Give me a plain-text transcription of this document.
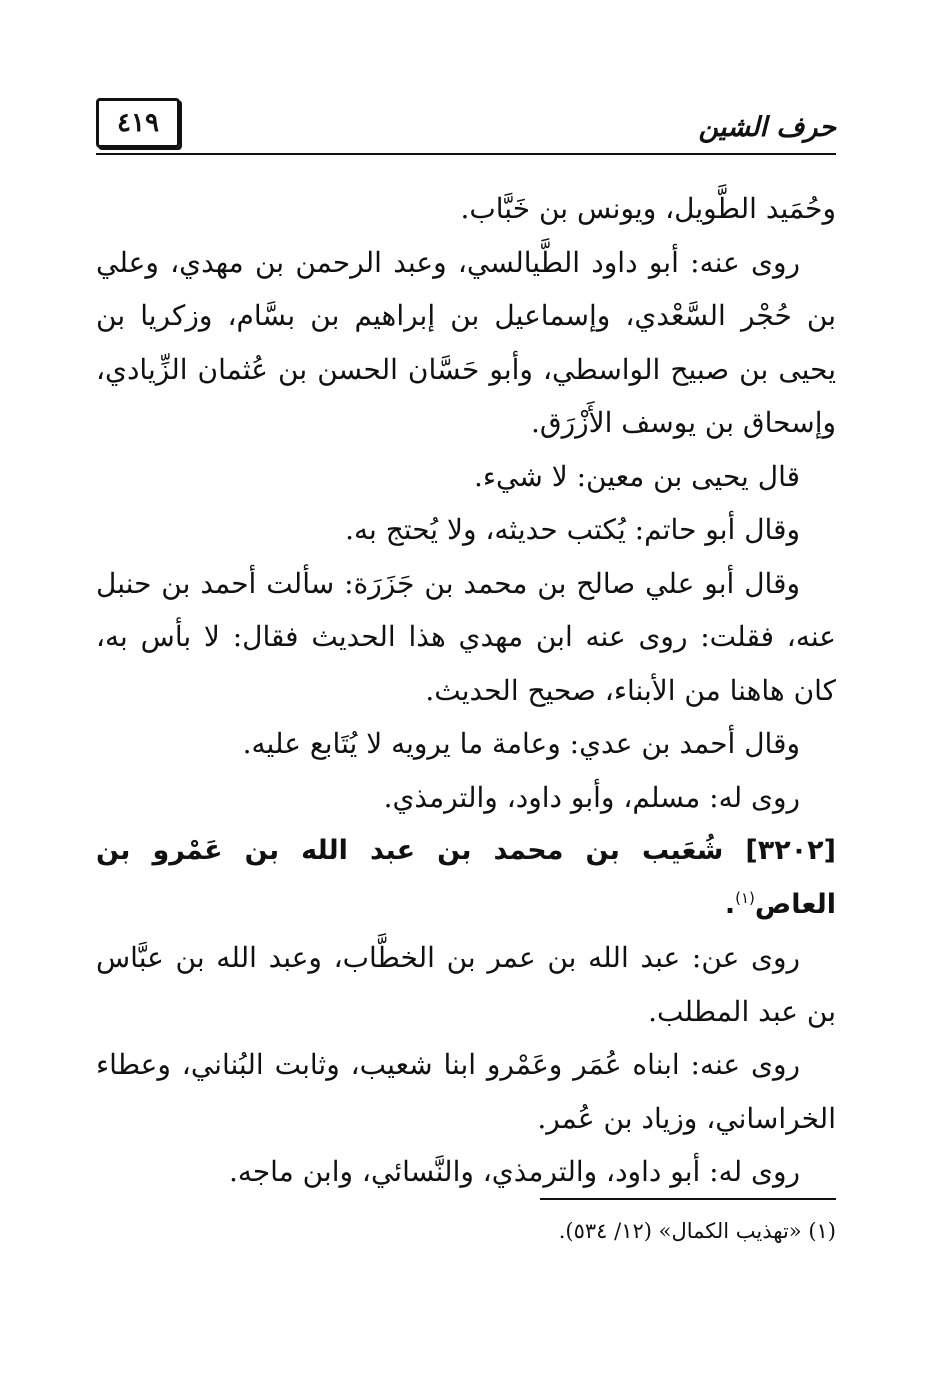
حرف الشين
٤١٩

وحُمَيد الطَّويل، ويونس بن خَبَّاب.

روى عنه: أبو داود الطَّيالسي، وعبد الرحمن بن مهدي، وعلي بن حُجْر السَّعْدي، وإسماعيل بن إبراهيم بن بسَّام، وزكريا بن يحيى بن صبيح الواسطي، وأبو حَسَّان الحسن بن عُثمان الزِّيادي، وإسحاق بن يوسف الأَزْرَق.

قال يحيى بن معين: لا شيء.

وقال أبو حاتم: يُكتب حديثه، ولا يُحتج به.

وقال أبو علي صالح بن محمد بن جَزَرَة: سألت أحمد بن حنبل عنه، فقلت: روى عنه ابن مهدي هذا الحديث فقال: لا بأس به، كان هاهنا من الأبناء، صحيح الحديث.

وقال أحمد بن عدي: وعامة ما يرويه لا يُتَابع عليه.

روى له: مسلم، وأبو داود، والترمذي.

[٣٢٠٢] شُعَيب بن محمد بن عبد الله بن عَمْرو بن العاص$^{(١)}$.

روى عن: عبد الله بن عمر بن الخطَّاب، وعبد الله بن عبَّاس بن عبد المطلب.

روى عنه: ابناه عُمَر وعَمْرو ابنا شعيب، وثابت البُناني، وعطاء الخراساني، وزياد بن عُمر.

روى له: أبو داود، والترمذي، والنَّسائي، وابن ماجه.

(١) «تهذيب الكمال» (١٢/ ٥٣٤).
